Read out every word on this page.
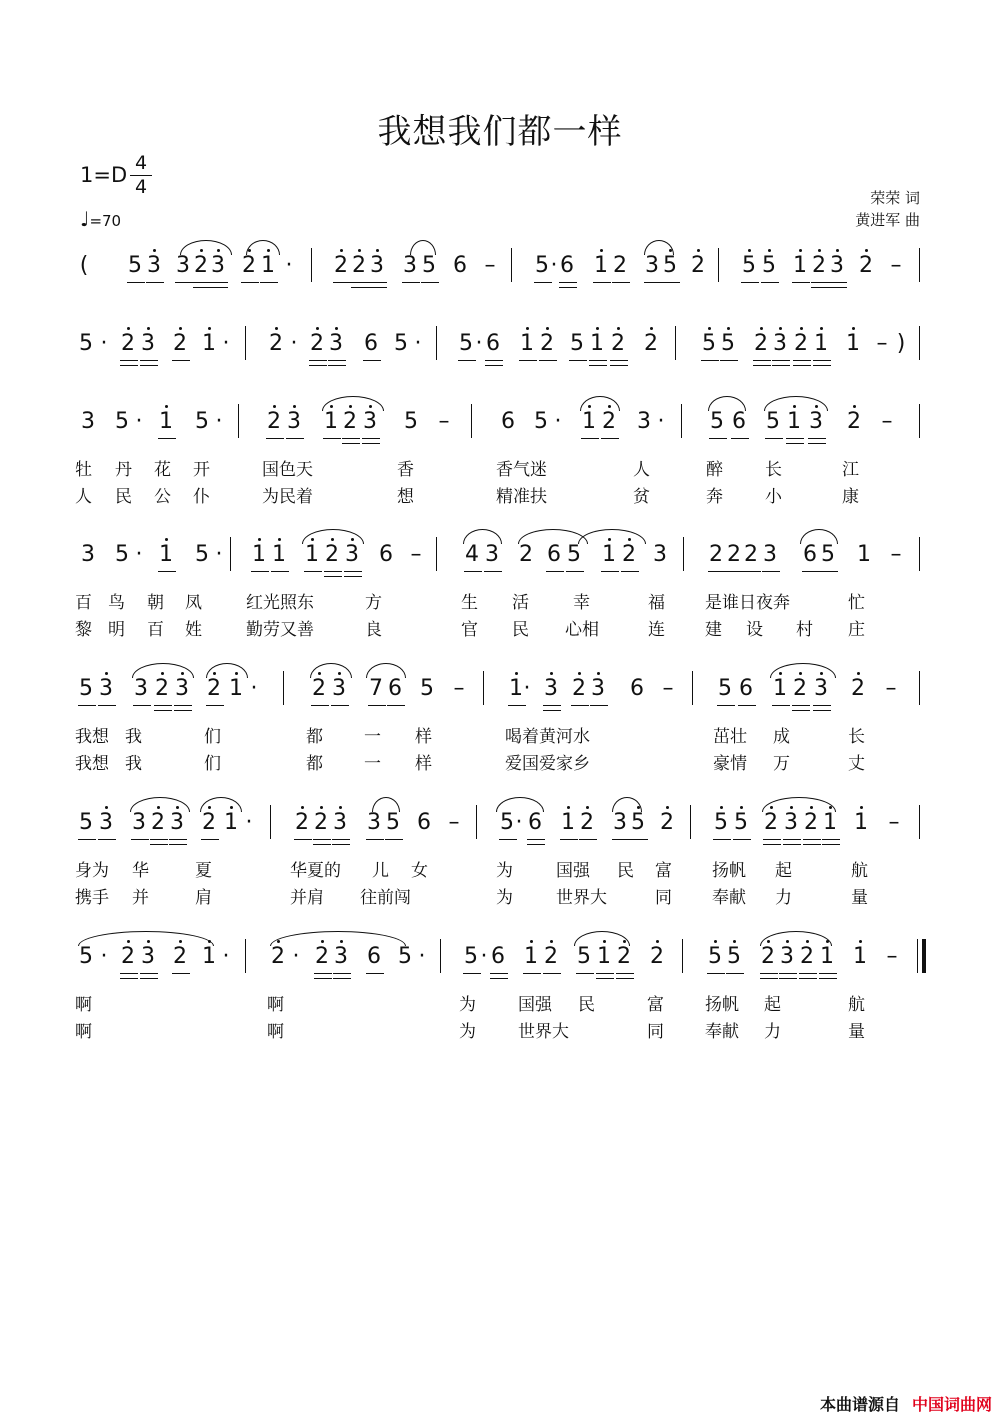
我想我们都一样
1=D 4
4
♩=70
荣荣 词
黄进军 曲
( 5 3 3 2 3 2 1 · 2 2 3 3 5 6 – 5 · 6 1 2 3 5 2 5 5 1 2 3 2 –
5 · 2 3 2 1 · 2 · 2 3 6 5 · 5 · 6 1 2 5 1 2 2 5 5 2 3 2 1 1 – )
3 5 · 1 5 · 2 3 1 2 3 5 – 6 5 · 1 2 3 · 5 6 5 1 3 2 –
牡 丹 花 开	国色天	香	香气迷	人	醉 长	江
人 民 公 仆	为民着	想	精准扶	贫	奔 小	康
3 5 · 1 5 · 1 1 1 2 3 6 – 4 3 2 6 5 1 2 3 2 2 2 3 6 5 1 –
百 鸟 朝 凤	红光照东	方	生 活	幸	福 是谁日夜奔	忙
黎 明 百 姓	勤劳又善	良	官 民 心相	连 建 设 村 庄
5 3 3 2 3 2 1 · 2 3 7 6 5 – 1 · 3 2 3 6 – 5 6 1 2 3 2 –
我想 我	们	都 一 样	喝着黄河水	茁壮 成	长
我想 我	们	都 一 样	爱国爱家乡	豪情 万	丈
5 3 3 2 3 2 1 · 2 2 3 3 5 6 – 5 · 6 1 2 3 5 2 5 5 2 3 2 1 1 –
身为 华	夏	华夏的 儿 女	为	国强 民 富 扬帆 起	航
携手 并	肩	并肩 往前闯	为	世界大	同 奉献 力	量
5 · 2 3 2 1 · 2 · 2 3 6 5 · 5 · 6 1 2 5 1 2 2 5 5 2 3 2 1 1 –
啊	啊	为 国强 民	富 扬帆 起	航
啊	啊	为 世界大	同 奉献 力	量
本曲谱源自 中国词曲网
